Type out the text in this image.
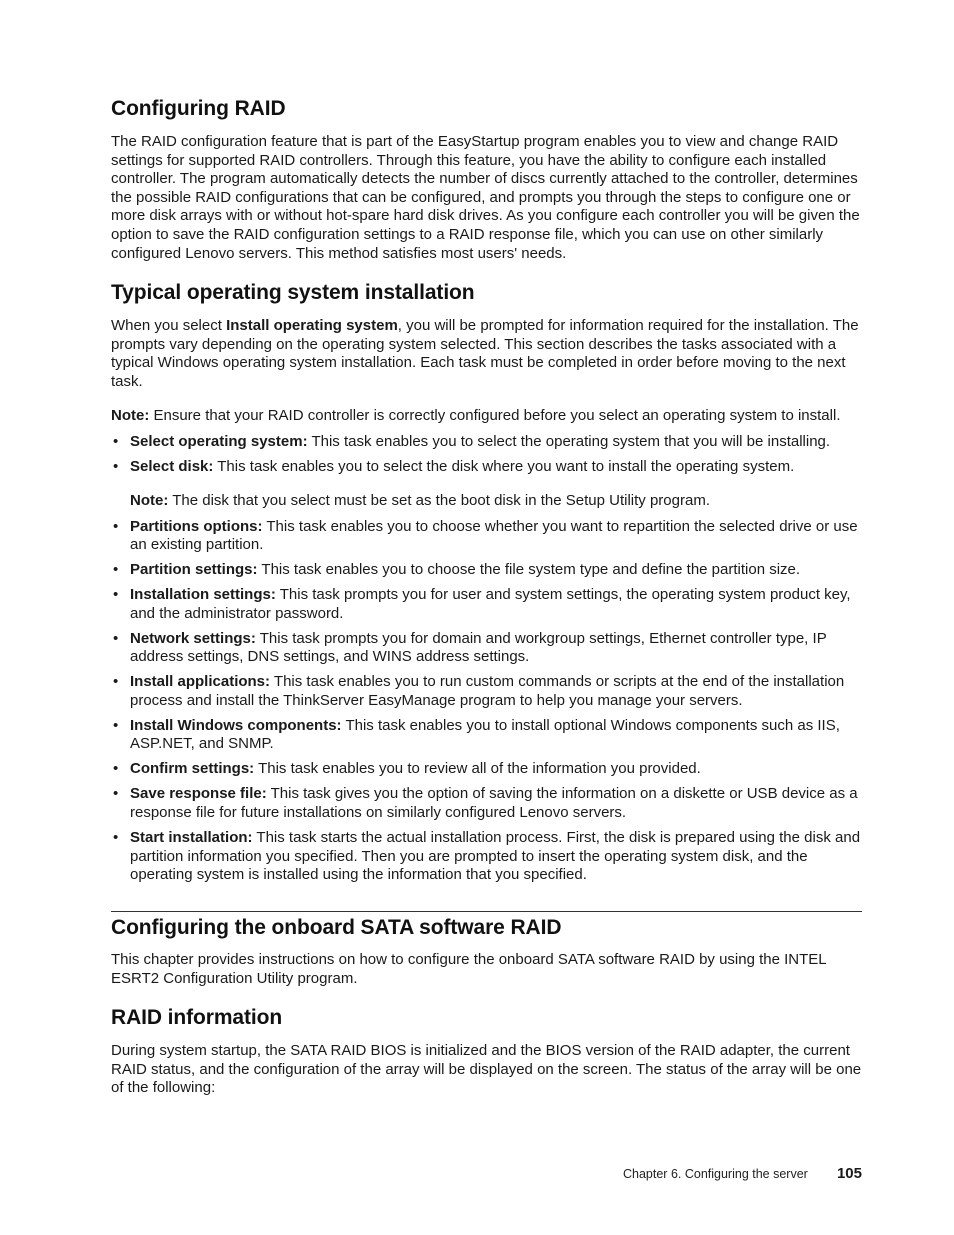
Configuring RAID

The RAID configuration feature that is part of the EasyStartup program enables you to view and change RAID settings for supported RAID controllers. Through this feature, you have the ability to configure each installed controller. The program automatically detects the number of discs currently attached to the controller, determines the possible RAID configurations that can be configured, and prompts you through the steps to configure one or more disk arrays with or without hot-spare hard disk drives. As you configure each controller you will be given the option to save the RAID configuration settings to a RAID response file, which you can use on other similarly configured Lenovo servers. This method satisfies most users' needs.

Typical operating system installation

When you select Install operating system, you will be prompted for information required for the installation. The prompts vary depending on the operating system selected. This section describes the tasks associated with a typical Windows operating system installation. Each task must be completed in order before moving to the next task.

Note: Ensure that your RAID controller is correctly configured before you select an operating system to install.

• Select operating system: This task enables you to select the operating system that you will be installing.
• Select disk: This task enables you to select the disk where you want to install the operating system.
Note: The disk that you select must be set as the boot disk in the Setup Utility program.
• Partitions options: This task enables you to choose whether you want to repartition the selected drive or use an existing partition.
• Partition settings: This task enables you to choose the file system type and define the partition size.
• Installation settings: This task prompts you for user and system settings, the operating system product key, and the administrator password.
• Network settings: This task prompts you for domain and workgroup settings, Ethernet controller type, IP address settings, DNS settings, and WINS address settings.
• Install applications: This task enables you to run custom commands or scripts at the end of the installation process and install the ThinkServer EasyManage program to help you manage your servers.
• Install Windows components: This task enables you to install optional Windows components such as IIS, ASP.NET, and SNMP.
• Confirm settings: This task enables you to review all of the information you provided.
• Save response file: This task gives you the option of saving the information on a diskette or USB device as a response file for future installations on similarly configured Lenovo servers.
• Start installation: This task starts the actual installation process. First, the disk is prepared using the disk and partition information you specified. Then you are prompted to insert the operating system disk, and the operating system is installed using the information that you specified.
Configuring the onboard SATA software RAID

This chapter provides instructions on how to configure the onboard SATA software RAID by using the INTEL ESRT2 Configuration Utility program.

RAID information

During system startup, the SATA RAID BIOS is initialized and the BIOS version of the RAID adapter, the current RAID status, and the configuration of the array will be displayed on the screen. The status of the array will be one of the following:

Chapter 6. Configuring the server 105
